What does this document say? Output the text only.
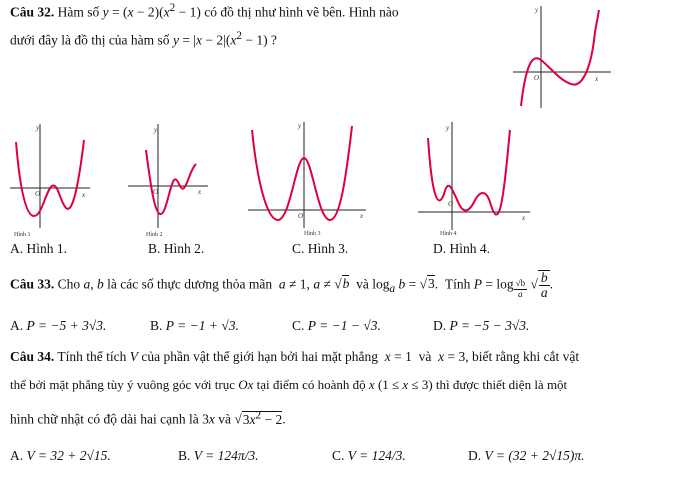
Câu 32. Hàm số $y = (x - 2)(x^2 - 1)$ có đồ thị như hình vẽ bên. Hình nào
dưới đây là đồ thị của hàm số $y = |x - 2|(x^2 - 1)$ ?
y
x
O
y
x
O
Hình 1
y
x
O
Hình 2
y
x
O
Hình 3
y
x
O
Hình 4
A. Hình 1.	B. Hình 2.	C. Hình 3.	D. Hình 4.
Câu 33. Cho a, b là các số thực dương thỏa mãn  a ≠ 1, a ≠ √b  và $\log_a b = √3$.  Tính P = log $_{\frac{√b}{a}}$ √ $\frac{b}{a}$ .
A. P = −5 + 3√3.	B. P = −1 + √3.	C. P = −1 − √3.	D. P = −5 − 3√3.
Câu 34. Tính thể tích V của phần vật thể giới hạn bởi hai mặt phẳng  x = 1  và  x = 3, biết rằng khi cắt vật
thể bởi mặt phẳng tùy ý vuông góc với trục Ox tại điểm có hoành độ x (1 ≤ x ≤ 3) thì được thiết diện là một
hình chữ nhật có độ dài hai cạnh là 3x và $√3x^2 - 2$.
A. V = 32 + 2√15.	B. V = 124π/3.	C. V = 124/3.	D. V = (32 + 2√15)π.
